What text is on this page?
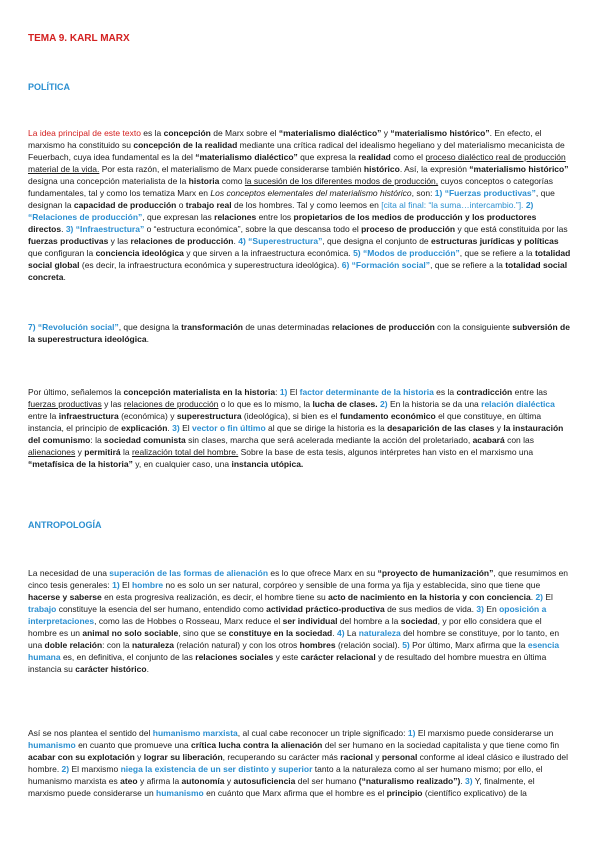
TEMA 9. KARL MARX
POLÍTICA

La idea principal de este texto es la concepción de Marx sobre el “materialismo dialéctico” y “materialismo histórico”. En efecto, el marxismo ha constituido su concepción de la realidad mediante una crítica radical del idealismo hegeliano y del materialismo mecanicista de Feuerbach, cuya idea fundamental es la del “materialismo dialéctico” que expresa la realidad como el proceso dialéctico real de producción material de la vida. Por esta razón, el materialismo de Marx puede considerarse también histórico. Así, la expresión “materialismo histórico” designa una concepción materialista de la historia como la sucesión de los diferentes modos de producción, cuyos conceptos o categorías fundamentales, tal y como los tematiza Marx en Los conceptos elementales del materialismo histórico, son: 1) “Fuerzas productivas”, que designan la capacidad de producción o trabajo real de los hombres. Tal y como leemos en [cita al final: “la suma…intercambio.”]. 2) “Relaciones de producción”, que expresan las relaciones entre los propietarios de los medios de producción y los productores directos. 3) “Infraestructura” o “estructura económica”, sobre la que descansa todo el proceso de producción y que está constituida por las fuerzas productivas y las relaciones de producción. 4) “Superestructura”, que designa el conjunto de estructuras jurídicas y políticas que configuran la conciencia ideológica y que sirven a la infraestructura económica. 5) “Modos de producción”, que se refiere a la totalidad social global (es decir, la infraestructura económica y superestructura ideológica). 6) “Formación social”, que se refiere a la totalidad social concreta.

7) “Revolución social”, que designa la transformación de unas determinadas relaciones de producción con la consiguiente subversión de la superestructura ideológica.

Por último, señalemos la concepción materialista en la historia: 1) El factor determinante de la historia es la contradicción entre las fuerzas productivas y las relaciones de producción o lo que es lo mismo, la lucha de clases. 2) En la historia se da una relación dialéctica entre la infraestructura (económica) y superestructura (ideológica), si bien es el fundamento económico el que constituye, en última instancia, el principio de explicación. 3) El vector o fin último al que se dirige la historia es la desaparición de las clases y la instauración del comunismo: la sociedad comunista sin clases, marcha que será acelerada mediante la acción del proletariado, acabará con las alienaciones y permitirá la realización total del hombre. Sobre la base de esta tesis, algunos intérpretes han visto en el marxismo una “metafísica de la historia” y, en cualquier caso, una instancia utópica.

ANTROPOLOGÍA

La necesidad de una superación de las formas de alienación es lo que ofrece Marx en su “proyecto de humanización”, que resumimos en cinco tesis generales: 1) El hombre no es solo un ser natural, corpóreo y sensible de una forma ya fija y establecida, sino que tiene que hacerse y saberse en esta progresiva realización, es decir, el hombre tiene su acto de nacimiento en la historia y con conciencia. 2) El trabajo constituye la esencia del ser humano, entendido como actividad práctico-productiva de sus medios de vida. 3) En oposición a interpretaciones, como las de Hobbes o Rosseau, Marx reduce el ser individual del hombre a la sociedad, y por ello considera que el hombre es un animal no solo sociable, sino que se constituye en la sociedad. 4) La naturaleza del hombre se constituye, por lo tanto, en una doble relación: con la naturaleza (relación natural) y con los otros hombres (relación social). 5) Por último, Marx afirma que la esencia humana es, en definitiva, el conjunto de las relaciones sociales y este carácter relacional y de resultado del hombre muestra en última instancia su carácter histórico.

Así se nos plantea el sentido del humanismo marxista, al cual cabe reconocer un triple significado: 1) El marxismo puede considerarse un humanismo en cuanto que promueve una crítica lucha contra la alienación del ser humano en la sociedad capitalista y que tiene como fin acabar con su explotación y lograr su liberación, recuperando su carácter más racional y personal conforme al ideal clásico e ilustrado del hombre. 2) El marxismo niega la existencia de un ser distinto y superior tanto a la naturaleza como al ser humano mismo; por ello, el humanismo marxista es ateo y afirma la autonomía y autosuficiencia del ser humano (“naturalismo realizado”). 3) Y, finalmente, el marxismo puede considerarse un humanismo en cuánto que Marx afirma que el hombre es el principio (científico explicativo) de la
